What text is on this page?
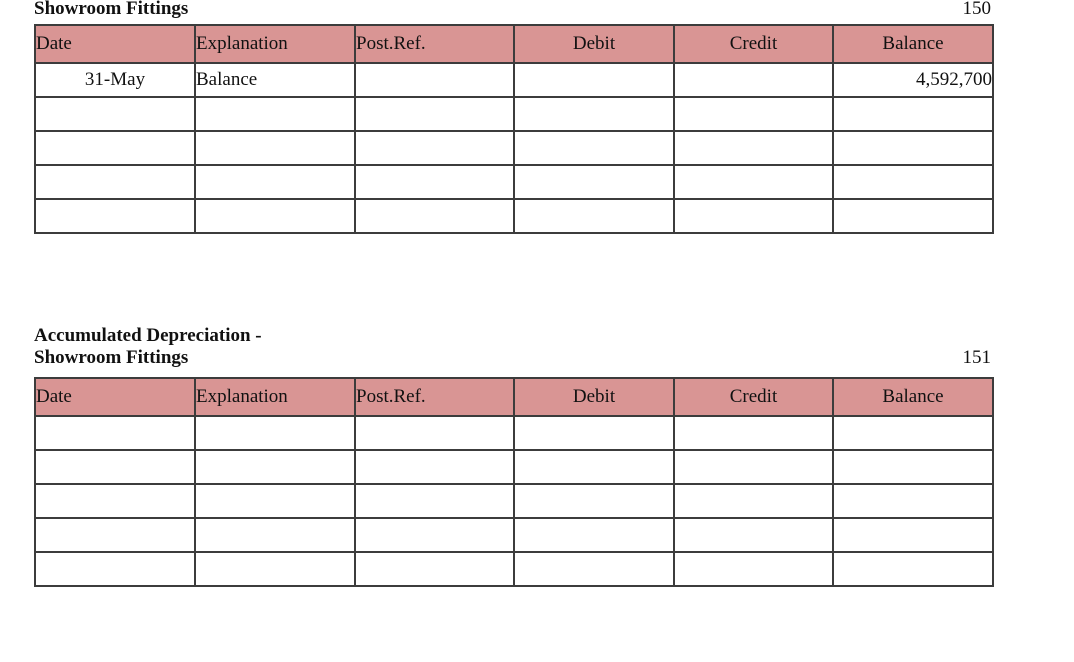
Showroom Fittings	150
Date	Explanation	Post.Ref.	Debit	Credit	Balance
31-May	Balance				4,592,700

Accumulated Depreciation -
Showroom Fittings	151
Date	Explanation	Post.Ref.	Debit	Credit	Balance
